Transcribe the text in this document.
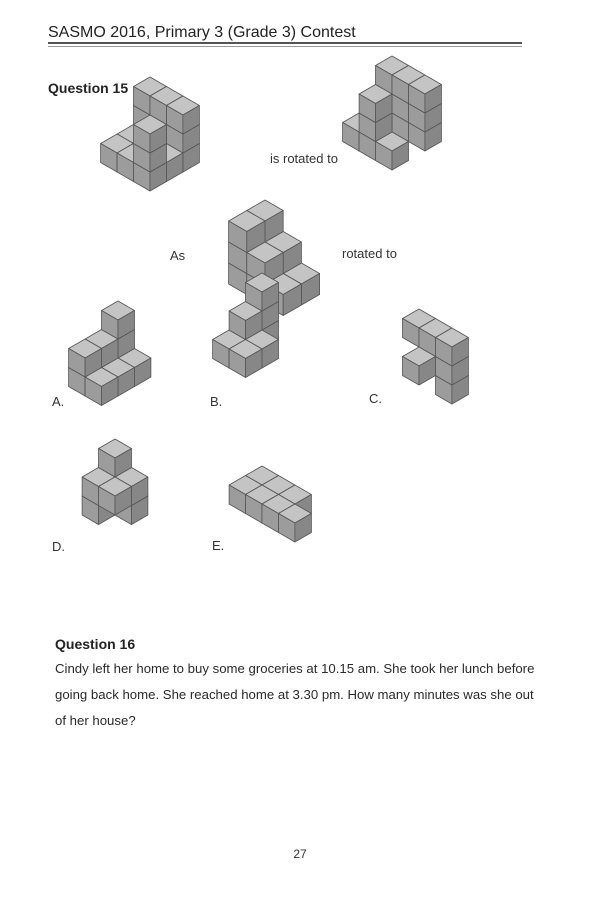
SASMO 2016, Primary 3 (Grade 3) Contest
Question 15
is rotated to
As	rotated to
A.	B.	C.
D.	E.
Question 16
Cindy left her home to buy some groceries at 10.15 am. She took her lunch before going back home. She reached home at 3.30 pm. How many minutes was she out of her house?
27
